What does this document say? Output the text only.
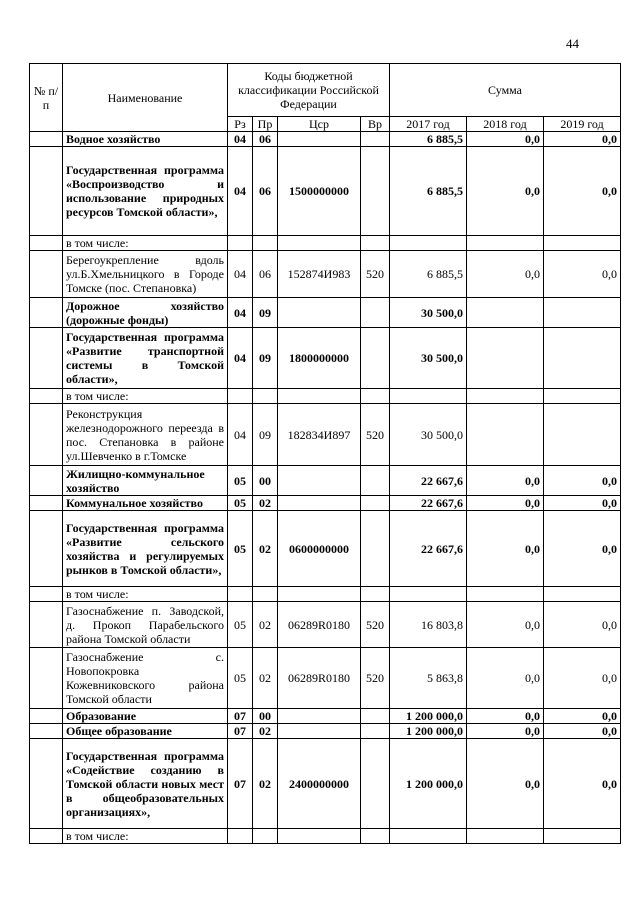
44
№ п/п	Наименование	Коды бюджетной классификации Российской Федерации				Сумма		
		Рз	Пр	Цср	Вр	2017 год	2018 год	2019 год
	Водное хозяйство	04	06			6 885,5	0,0	0,0
	Государственная программа «Воспроизводство и использование природных ресурсов Томской области»,	04	06	1500000000		6 885,5	0,0	0,0
	в том числе:							
	Берегоукрепление вдоль ул.Б.Хмельницкого в Городе Томске (пос. Степановка)	04	06	152874И983	520	6 885,5	0,0	0,0
	Дорожное хозяйство (дорожные фонды)	04	09			30 500,0		
	Государственная программа «Развитие транспортной системы в Томской области»,	04	09	1800000000		30 500,0		
	в том числе:							
	Реконструкция железнодорожного переезда в пос. Степановка в районе ул.Шевченко в г.Томске	04	09	182834И897	520	30 500,0		
	Жилищно-коммунальное хозяйство	05	00			22 667,6	0,0	0,0
	Коммунальное хозяйство	05	02			22 667,6	0,0	0,0
	Государственная программа «Развитие сельского хозяйства и регулируемых рынков в Томской области»,	05	02	0600000000		22 667,6	0,0	0,0
	в том числе:							
	Газоснабжение п. Заводской, д. Прокоп Парабельского района Томской области	05	02	06289R0180	520	16 803,8	0,0	0,0
	Газоснабжение с. Новопокровка Кожевниковского района Томской области	05	02	06289R0180	520	5 863,8	0,0	0,0
	Образование	07	00			1 200 000,0	0,0	0,0
	Общее образование	07	02			1 200 000,0	0,0	0,0
	Государственная программа «Содействие созданию в Томской области новых мест в общеобразовательных организациях»,	07	02	2400000000		1 200 000,0	0,0	0,0
	в том числе:							
